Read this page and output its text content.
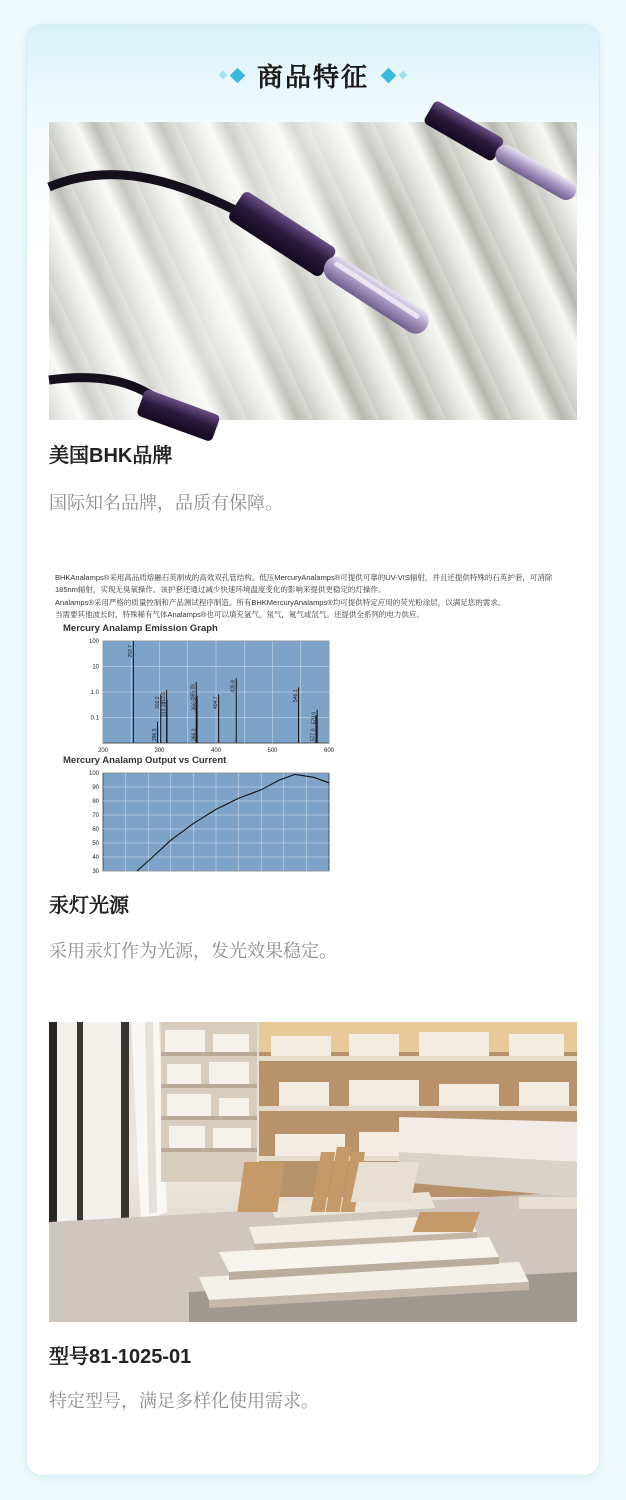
商品特征
美国BHK品牌
国际知名品牌，品质有保障。
BHKAnalamps®采用高品质熔融石英制成的高效双孔管结构。低压MercuryAnalamps®可提供可靠的UV-VIS辐射，并且还提供特殊的石英护套，可消除
185nm辐射，实现无臭氧操作。该护套还通过减少快速环境温度变化的影响来提供更稳定的灯操作。
Analamps®采用严格的质量控制和产品测试程序制造。所有BHKMercuryAnalamps®均可提供特定应用的荧光粉涂层，以满足您的需求。
当需要其他波长时，特殊稀有气体Analamps®也可以填充氩气，氖气，氪气或氙气。还提供全系列的电力供应。
Mercury Analamp Emission Graph
100
10
1.0
0.1
200	300	400	500	600
253.7
296.5
302.2 312.6
313.2d
365.0b
366.3
366.5	404.7
435.8
546.1
577.0
579.0
Mercury Analamp Output vs Current
100
90
80
70
60
50
40
30
汞灯光源
采用汞灯作为光源，发光效果稳定。
型号81-1025-01
特定型号，满足多样化使用需求。
